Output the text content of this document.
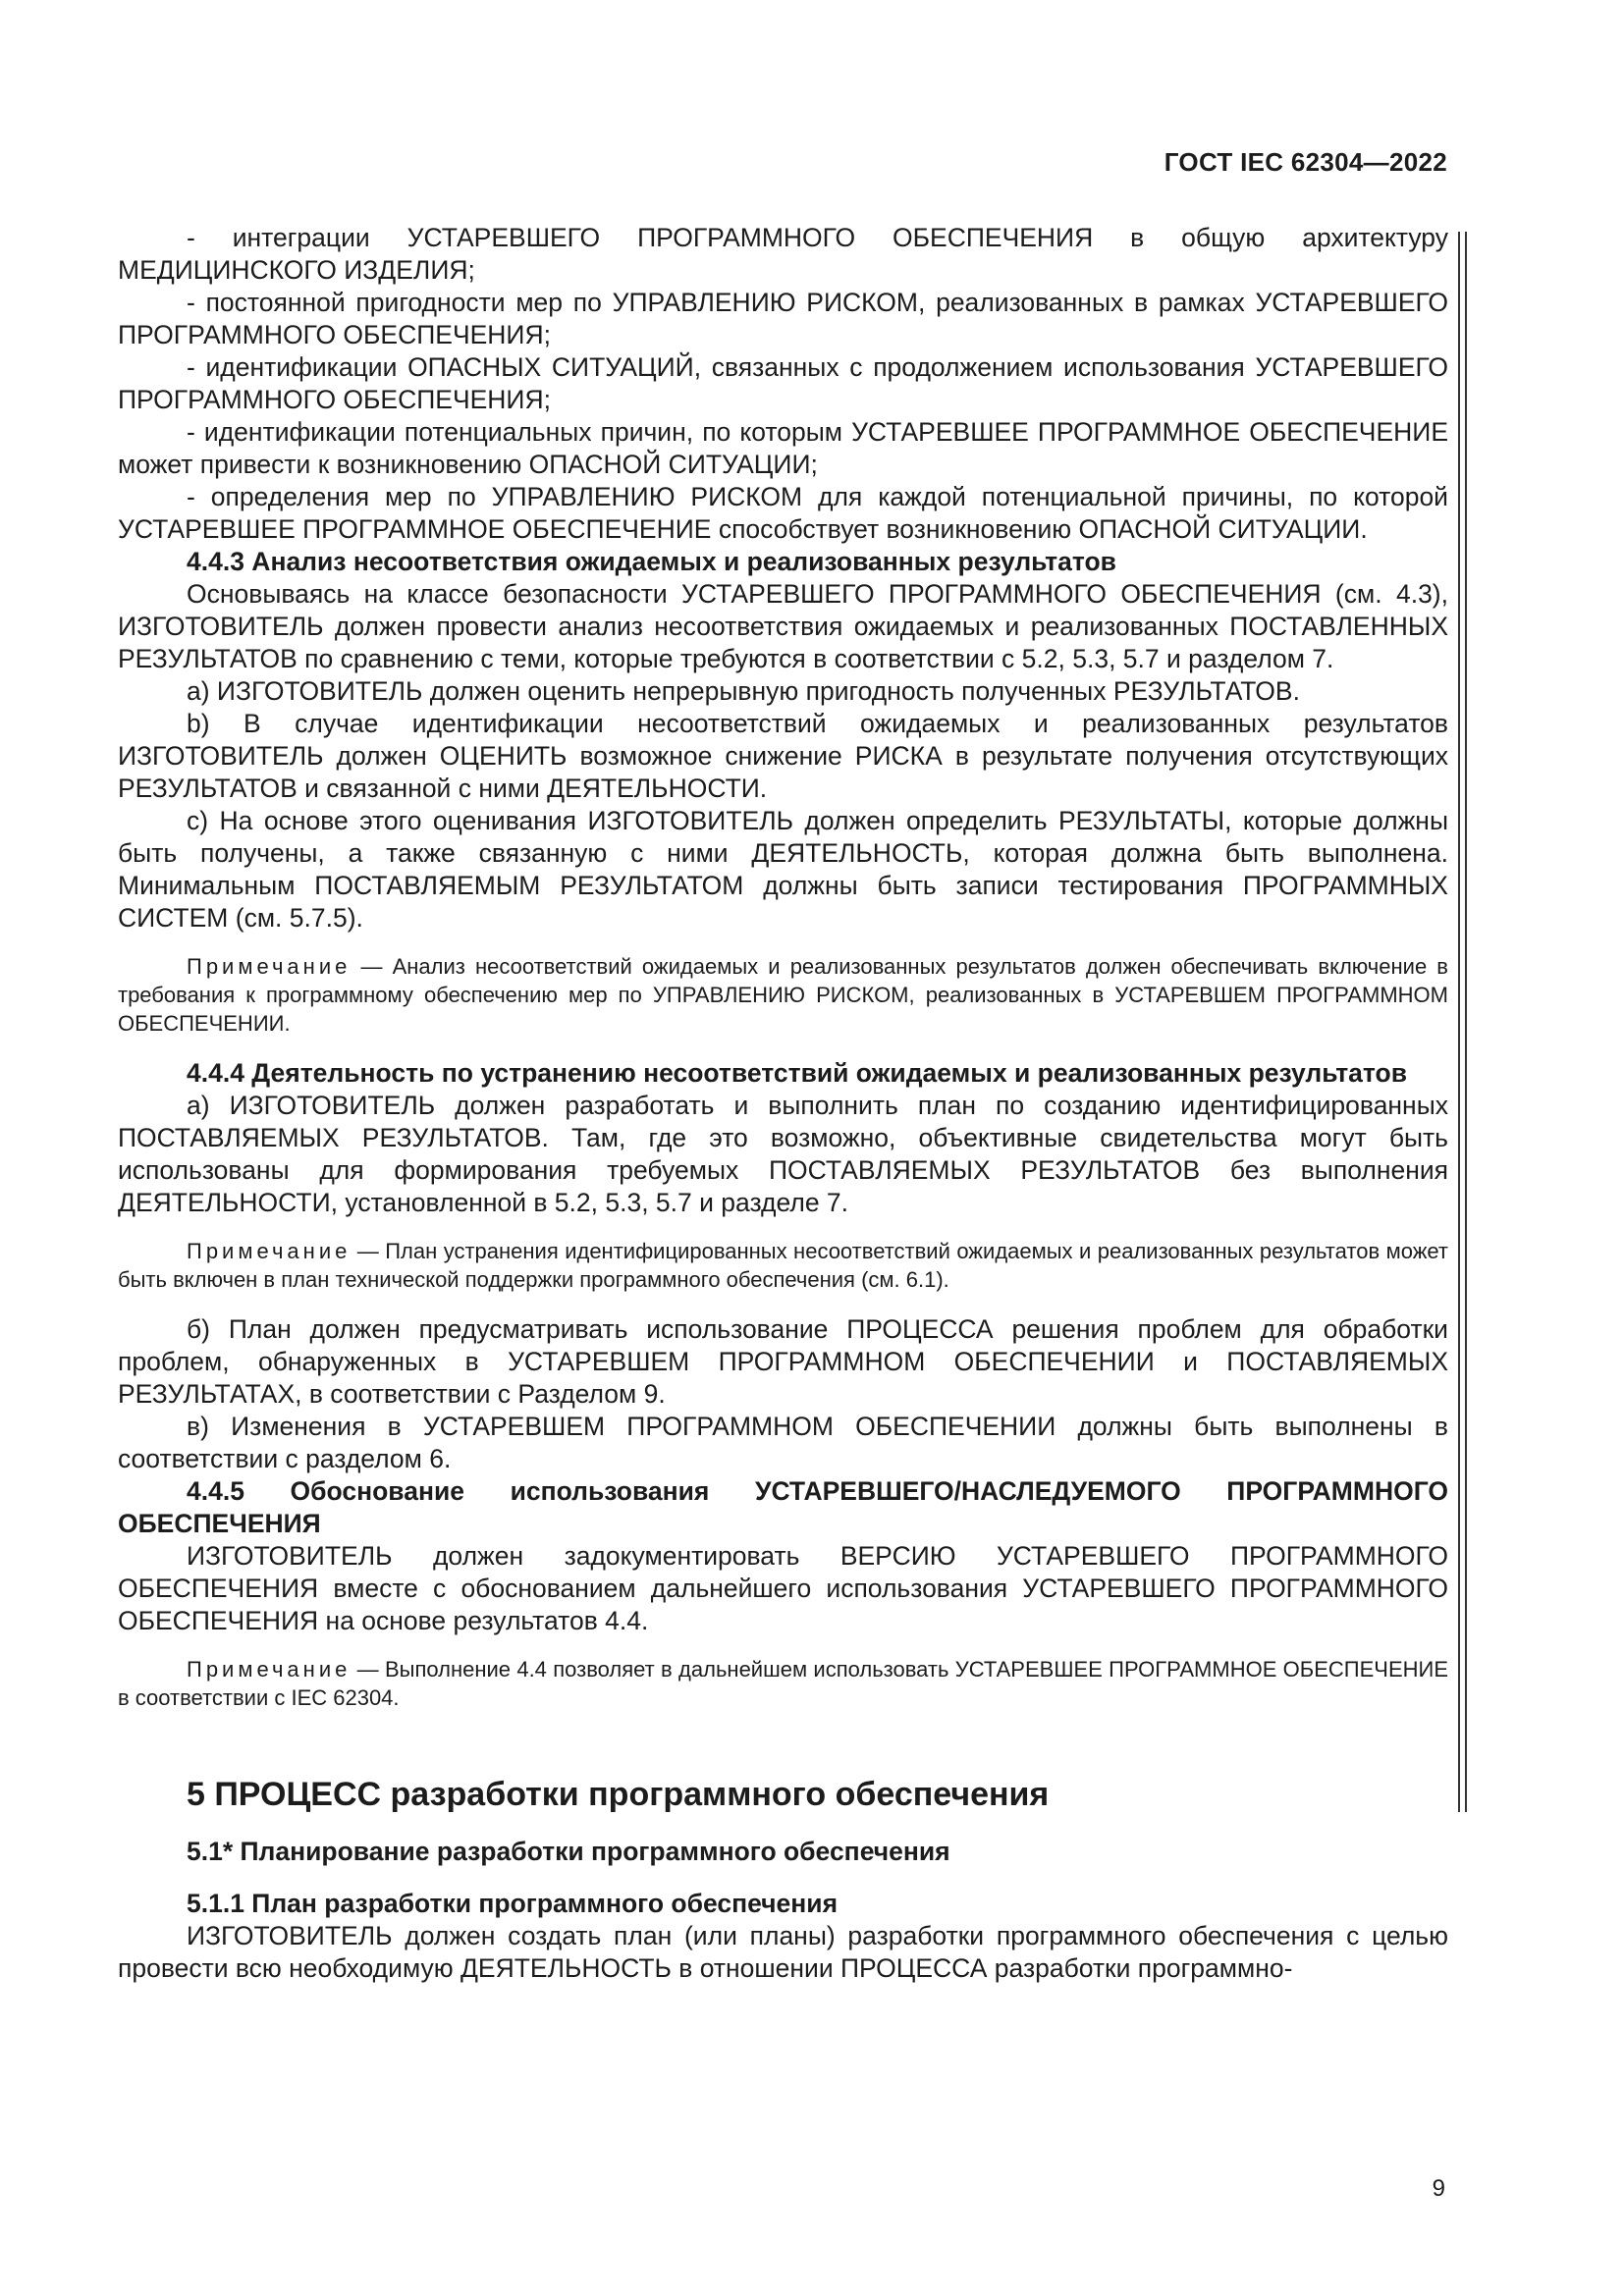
ГОСТ IEC 62304—2022

- интеграции УСТАРЕВШЕГО ПРОГРАММНОГО ОБЕСПЕЧЕНИЯ в общую архитектуру МЕДИЦИНСКОГО ИЗДЕЛИЯ;

- постоянной пригодности мер по УПРАВЛЕНИЮ РИСКОМ, реализованных в рамках УСТАРЕВШЕГО ПРОГРАММНОГО ОБЕСПЕЧЕНИЯ;

- идентификации ОПАСНЫХ СИТУАЦИЙ, связанных с продолжением использования УСТАРЕВШЕГО ПРОГРАММНОГО ОБЕСПЕЧЕНИЯ;

- идентификации потенциальных причин, по которым УСТАРЕВШЕЕ ПРОГРАММНОЕ ОБЕСПЕЧЕНИЕ может привести к возникновению ОПАСНОЙ СИТУАЦИИ;

- определения мер по УПРАВЛЕНИЮ РИСКОМ для каждой потенциальной причины, по которой УСТАРЕВШЕЕ ПРОГРАММНОЕ ОБЕСПЕЧЕНИЕ способствует возникновению ОПАСНОЙ СИТУАЦИИ.

4.4.3 Анализ несоответствия ожидаемых и реализованных результатов

Основываясь на классе безопасности УСТАРЕВШЕГО ПРОГРАММНОГО ОБЕСПЕЧЕНИЯ (см. 4.3), ИЗГОТОВИТЕЛЬ должен провести анализ несоответствия ожидаемых и реализованных ПОСТАВЛЕННЫХ РЕЗУЛЬТАТОВ по сравнению с теми, которые требуются в соответствии с 5.2, 5.3, 5.7 и разделом 7.

а) ИЗГОТОВИТЕЛЬ должен оценить непрерывную пригодность полученных РЕЗУЛЬТАТОВ.

b) В случае идентификации несоответствий ожидаемых и реализованных результатов ИЗГОТОВИТЕЛЬ должен ОЦЕНИТЬ возможное снижение РИСКА в результате получения отсутствующих РЕЗУЛЬТАТОВ и связанной с ними ДЕЯТЕЛЬНОСТИ.

c) На основе этого оценивания ИЗГОТОВИТЕЛЬ должен определить РЕЗУЛЬТАТЫ, которые должны быть получены, а также связанную с ними ДЕЯТЕЛЬНОСТЬ, которая должна быть выполнена. Минимальным ПОСТАВЛЯЕМЫМ РЕЗУЛЬТАТОМ должны быть записи тестирования ПРОГРАММНЫХ СИСТЕМ (см. 5.7.5).

Примечание — Анализ несоответствий ожидаемых и реализованных результатов должен обеспечивать включение в требования к программному обеспечению мер по УПРАВЛЕНИЮ РИСКОМ, реализованных в УСТАРЕВШЕМ ПРОГРАММНОМ ОБЕСПЕЧЕНИИ.

4.4.4 Деятельность по устранению несоответствий ожидаемых и реализованных результатов

а) ИЗГОТОВИТЕЛЬ должен разработать и выполнить план по созданию идентифицированных ПОСТАВЛЯЕМЫХ РЕЗУЛЬТАТОВ. Там, где это возможно, объективные свидетельства могут быть использованы для формирования требуемых ПОСТАВЛЯЕМЫХ РЕЗУЛЬТАТОВ без выполнения ДЕЯТЕЛЬНОСТИ, установленной в 5.2, 5.3, 5.7 и разделе 7.

Примечание — План устранения идентифицированных несоответствий ожидаемых и реализованных результатов может быть включен в план технической поддержки программного обеспечения (см. 6.1).

б) План должен предусматривать использование ПРОЦЕССА решения проблем для обработки проблем, обнаруженных в УСТАРЕВШЕМ ПРОГРАММНОМ ОБЕСПЕЧЕНИИ и ПОСТАВЛЯЕМЫХ РЕЗУЛЬТАТАХ, в соответствии с Разделом 9.

в) Изменения в УСТАРЕВШЕМ ПРОГРАММНОМ ОБЕСПЕЧЕНИИ должны быть выполнены в соответствии с разделом 6.

4.4.5 Обоснование использования УСТАРЕВШЕГО/НАСЛЕДУЕМОГО ПРОГРАММНОГО ОБЕСПЕЧЕНИЯ

ИЗГОТОВИТЕЛЬ должен задокументировать ВЕРСИЮ УСТАРЕВШЕГО ПРОГРАММНОГО ОБЕСПЕЧЕНИЯ вместе с обоснованием дальнейшего использования УСТАРЕВШЕГО ПРОГРАММНОГО ОБЕСПЕЧЕНИЯ на основе результатов 4.4.

Примечание — Выполнение 4.4 позволяет в дальнейшем использовать УСТАРЕВШЕЕ ПРОГРАММНОЕ ОБЕСПЕЧЕНИЕ в соответствии с IEC 62304.

5 ПРОЦЕСС разработки программного обеспечения

5.1* Планирование разработки программного обеспечения

5.1.1 План разработки программного обеспечения

ИЗГОТОВИТЕЛЬ должен создать план (или планы) разработки программного обеспечения с целью провести всю необходимую ДЕЯТЕЛЬНОСТЬ в отношении ПРОЦЕССА разработки программно-

9
